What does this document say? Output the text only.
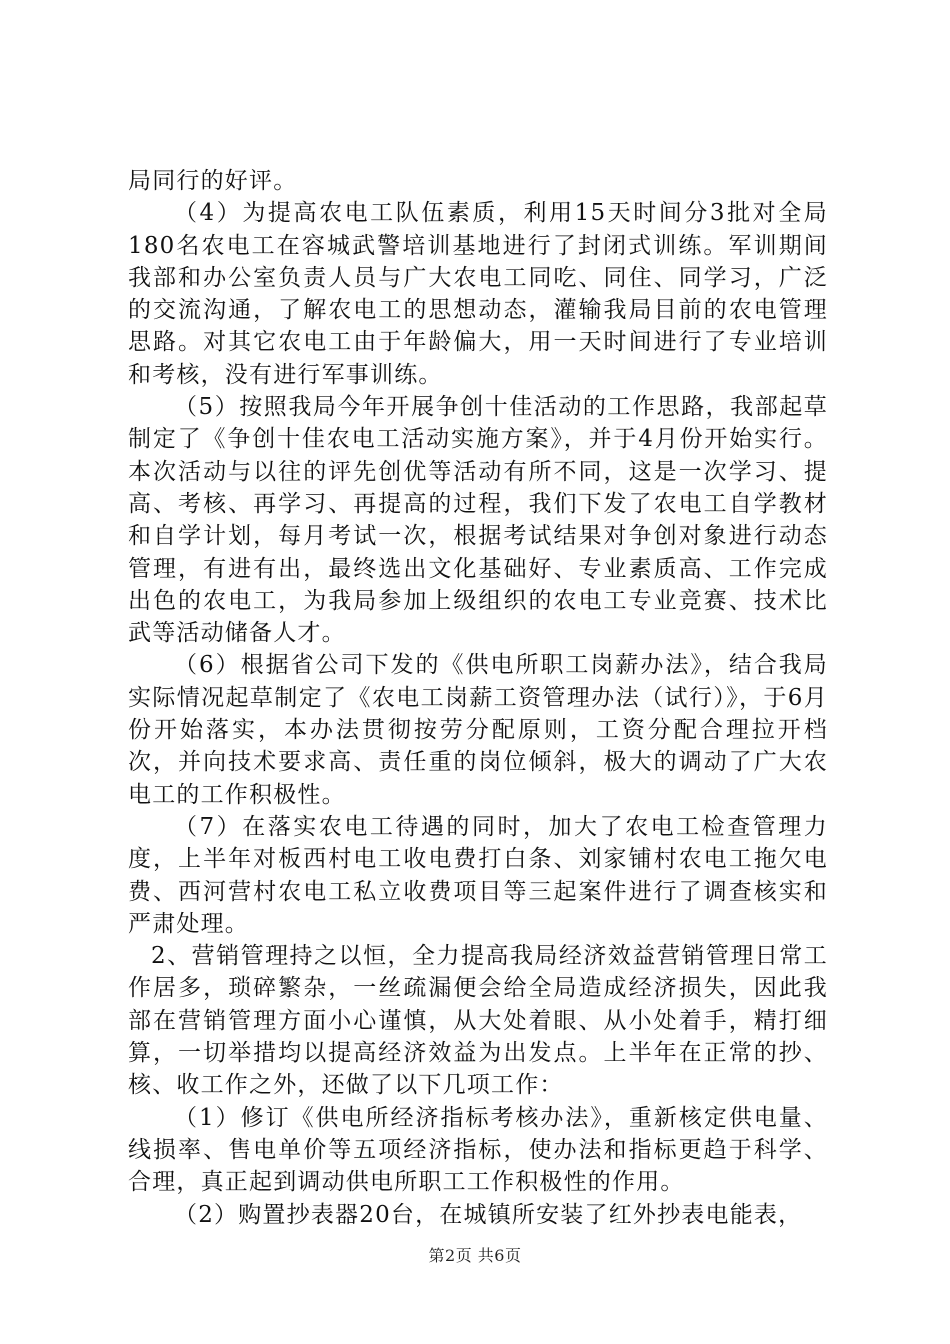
局同行的好评。

（4）为提高农电工队伍素质，利用15天时间分3批对全局180名农电工在容城武警培训基地进行了封闭式训练。军训期间我部和办公室负责人员与广大农电工同吃、同住、同学习，广泛的交流沟通，了解农电工的思想动态，灌输我局目前的农电管理思路。对其它农电工由于年龄偏大，用一天时间进行了专业培训和考核，没有进行军事训练。

（5）按照我局今年开展争创十佳活动的工作思路，我部起草制定了《争创十佳农电工活动实施方案》，并于4月份开始实行。本次活动与以往的评先创优等活动有所不同，这是一次学习、提高、考核、再学习、再提高的过程，我们下发了农电工自学教材和自学计划，每月考试一次，根据考试结果对争创对象进行动态管理，有进有出，最终选出文化基础好、专业素质高、工作完成出色的农电工，为我局参加上级组织的农电工专业竞赛、技术比武等活动储备人才。

（6）根据省公司下发的《供电所职工岗薪办法》，结合我局实际情况起草制定了《农电工岗薪工资管理办法（试行）》，于6月份开始落实，本办法贯彻按劳分配原则，工资分配合理拉开档次，并向技术要求高、责任重的岗位倾斜，极大的调动了广大农电工的工作积极性。

（7）在落实农电工待遇的同时，加大了农电工检查管理力度，上半年对板西村电工收电费打白条、刘家铺村农电工拖欠电费、西河营村农电工私立收费项目等三起案件进行了调查核实和严肃处理。

2、营销管理持之以恒，全力提高我局经济效益营销管理日常工作居多，琐碎繁杂，一丝疏漏便会给全局造成经济损失，因此我部在营销管理方面小心谨慎，从大处着眼、从小处着手，精打细算，一切举措均以提高经济效益为出发点。上半年在正常的抄、核、收工作之外，还做了以下几项工作：

（1）修订《供电所经济指标考核办法》，重新核定供电量、线损率、售电单价等五项经济指标，使办法和指标更趋于科学、合理，真正起到调动供电所职工工作积极性的作用。

（2）购置抄表器20台，在城镇所安装了红外抄表电能表，

第2页 共6页
